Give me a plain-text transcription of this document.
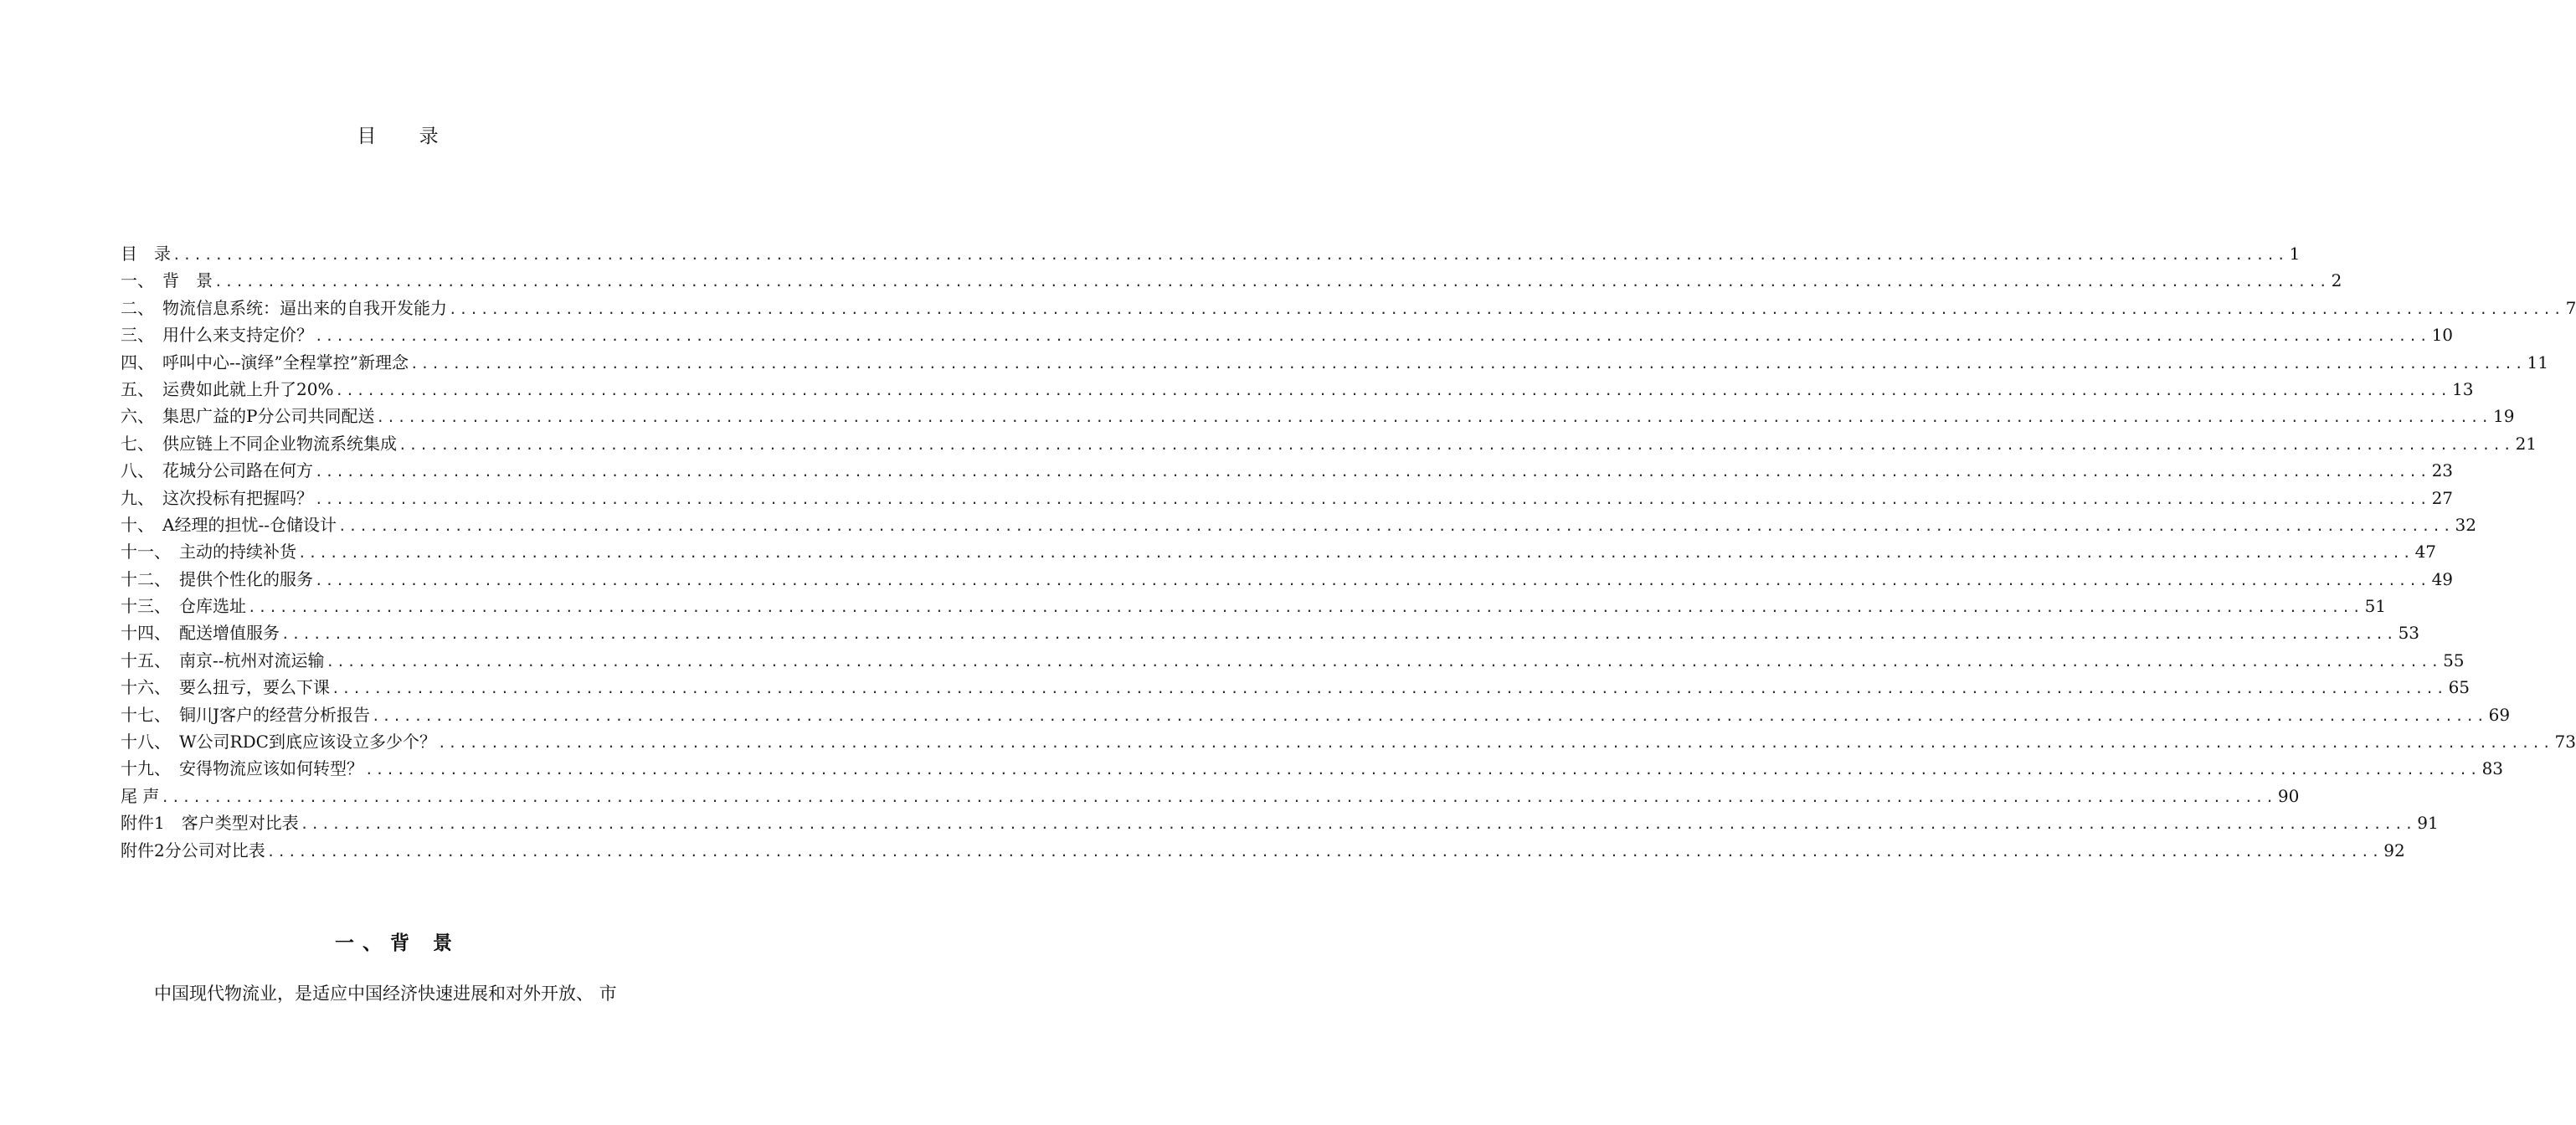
目 录
目　录 ........................................................................................................................................................................................................ 1
一、　背　景 ........................................................................................................................................................................................................ 2
二、　 物流信息系统：逼出来的自我开发能力 ........................................................................................................................................................................................................ 7
三、　 用什么来支持定价？ ........................................................................................................................................................................................................ 10
四、　 呼叫中心--演绎”全程掌控”新理念 ........................................................................................................................................................................................................ 11
五、　 运费如此就上升了20% ........................................................................................................................................................................................................ 13
六、　 集思广益的P分公司共同配送 ........................................................................................................................................................................................................ 19
七、　 供应链上不同企业物流系统集成 ........................................................................................................................................................................................................ 21
八、　 花城分公司路在何方 ........................................................................................................................................................................................................ 23
九、　 这次投标有把握吗？ ........................................................................................................................................................................................................ 27
十、　 A经理的担忧--仓储设计 ........................................................................................................................................................................................................ 32
十一、　 主动的持续补货 ........................................................................................................................................................................................................ 47
十二、　 提供个性化的服务 ........................................................................................................................................................................................................ 49
十三、　 仓库选址 ........................................................................................................................................................................................................ 51
十四、　 配送增值服务 ........................................................................................................................................................................................................ 53
十五、　 南京--杭州对流运输 ........................................................................................................................................................................................................ 55
十六、　 要么扭亏，要么下课 ........................................................................................................................................................................................................ 65
十七、　 铜川J客户的经营分析报告 ........................................................................................................................................................................................................ 69
十八、　 W公司RDC到底应该设立多少个？ ........................................................................................................................................................................................................ 73
十九、　 安得物流应该如何转型？ ........................................................................................................................................................................................................ 83
尾 声 ........................................................................................................................................................................................................ 90
附件1　 客户类型对比表 ........................................................................................................................................................................................................ 91
附件2 分公司对比表 ........................................................................................................................................................................................................ 92
一、背 景
中国现代物流业，是适应中国经济快速进展和对外开放、 市
